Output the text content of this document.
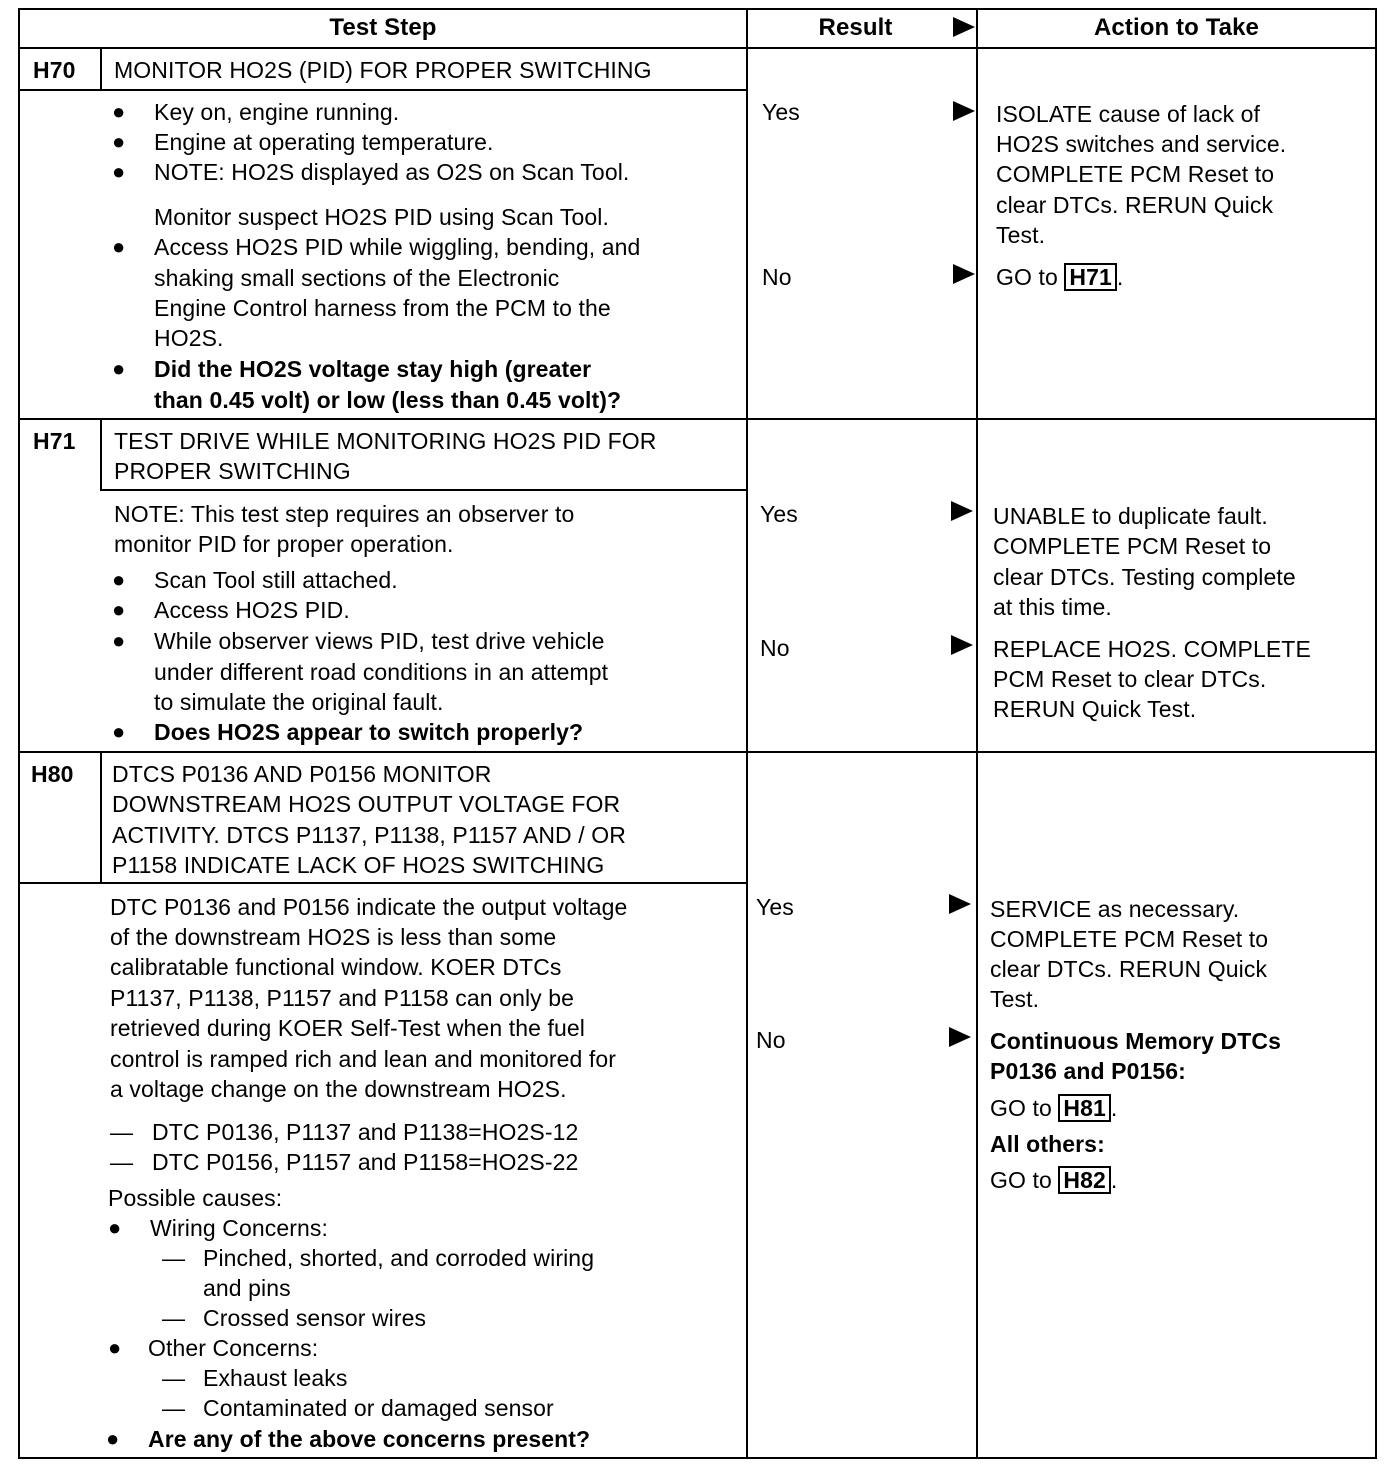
Test Step	Result	Action to Take
H70 MONITOR HO2S (PID) FOR PROPER SWITCHING
● Key on, engine running.
● Engine at operating temperature.
● NOTE: HO2S displayed as O2S on Scan Tool.
Monitor suspect HO2S PID using Scan Tool.
● Access HO2S PID while wiggling, bending, and
shaking small sections of the Electronic
Engine Control harness from the PCM to the
HO2S.
● Did the HO2S voltage stay high (greater
than 0.45 volt) or low (less than 0.45 volt)?
Yes
No
ISOLATE cause of lack of
HO2S switches and service.
COMPLETE PCM Reset to
clear DTCs. RERUN Quick
Test.
GO to H71 .
H71 TEST DRIVE WHILE MONITORING HO2S PID FOR
PROPER SWITCHING
NOTE: This test step requires an observer to
monitor PID for proper operation.
● Scan Tool still attached.
● Access HO2S PID.
● While observer views PID, test drive vehicle
under different road conditions in an attempt
to simulate the original fault.
● Does HO2S appear to switch properly?
Yes
No
UNABLE to duplicate fault.
COMPLETE PCM Reset to
clear DTCs. Testing complete
at this time.
REPLACE HO2S. COMPLETE
PCM Reset to clear DTCs.
RERUN Quick Test.
H80 DTCS P0136 AND P0156 MONITOR
DOWNSTREAM HO2S OUTPUT VOLTAGE FOR
ACTIVITY. DTCS P1137, P1138, P1157 AND / OR
P1158 INDICATE LACK OF HO2S SWITCHING
DTC P0136 and P0156 indicate the output voltage
of the downstream HO2S is less than some
calibratable functional window. KOER DTCs
P1137, P1138, P1157 and P1158 can only be
retrieved during KOER Self-Test when the fuel
control is ramped rich and lean and monitored for
a voltage change on the downstream HO2S.
— DTC P0136, P1137 and P1138=HO2S-12
— DTC P0156, P1157 and P1158=HO2S-22
Possible causes:
● Wiring Concerns:
— Pinched, shorted, and corroded wiring
and pins
— Crossed sensor wires
● Other Concerns:
— Exhaust leaks
— Contaminated or damaged sensor
● Are any of the above concerns present?
Yes
No
SERVICE as necessary.
COMPLETE PCM Reset to
clear DTCs. RERUN Quick
Test.
Continuous Memory DTCs
P0136 and P0156:
GO to H81 .
All others:
GO to H82 .
